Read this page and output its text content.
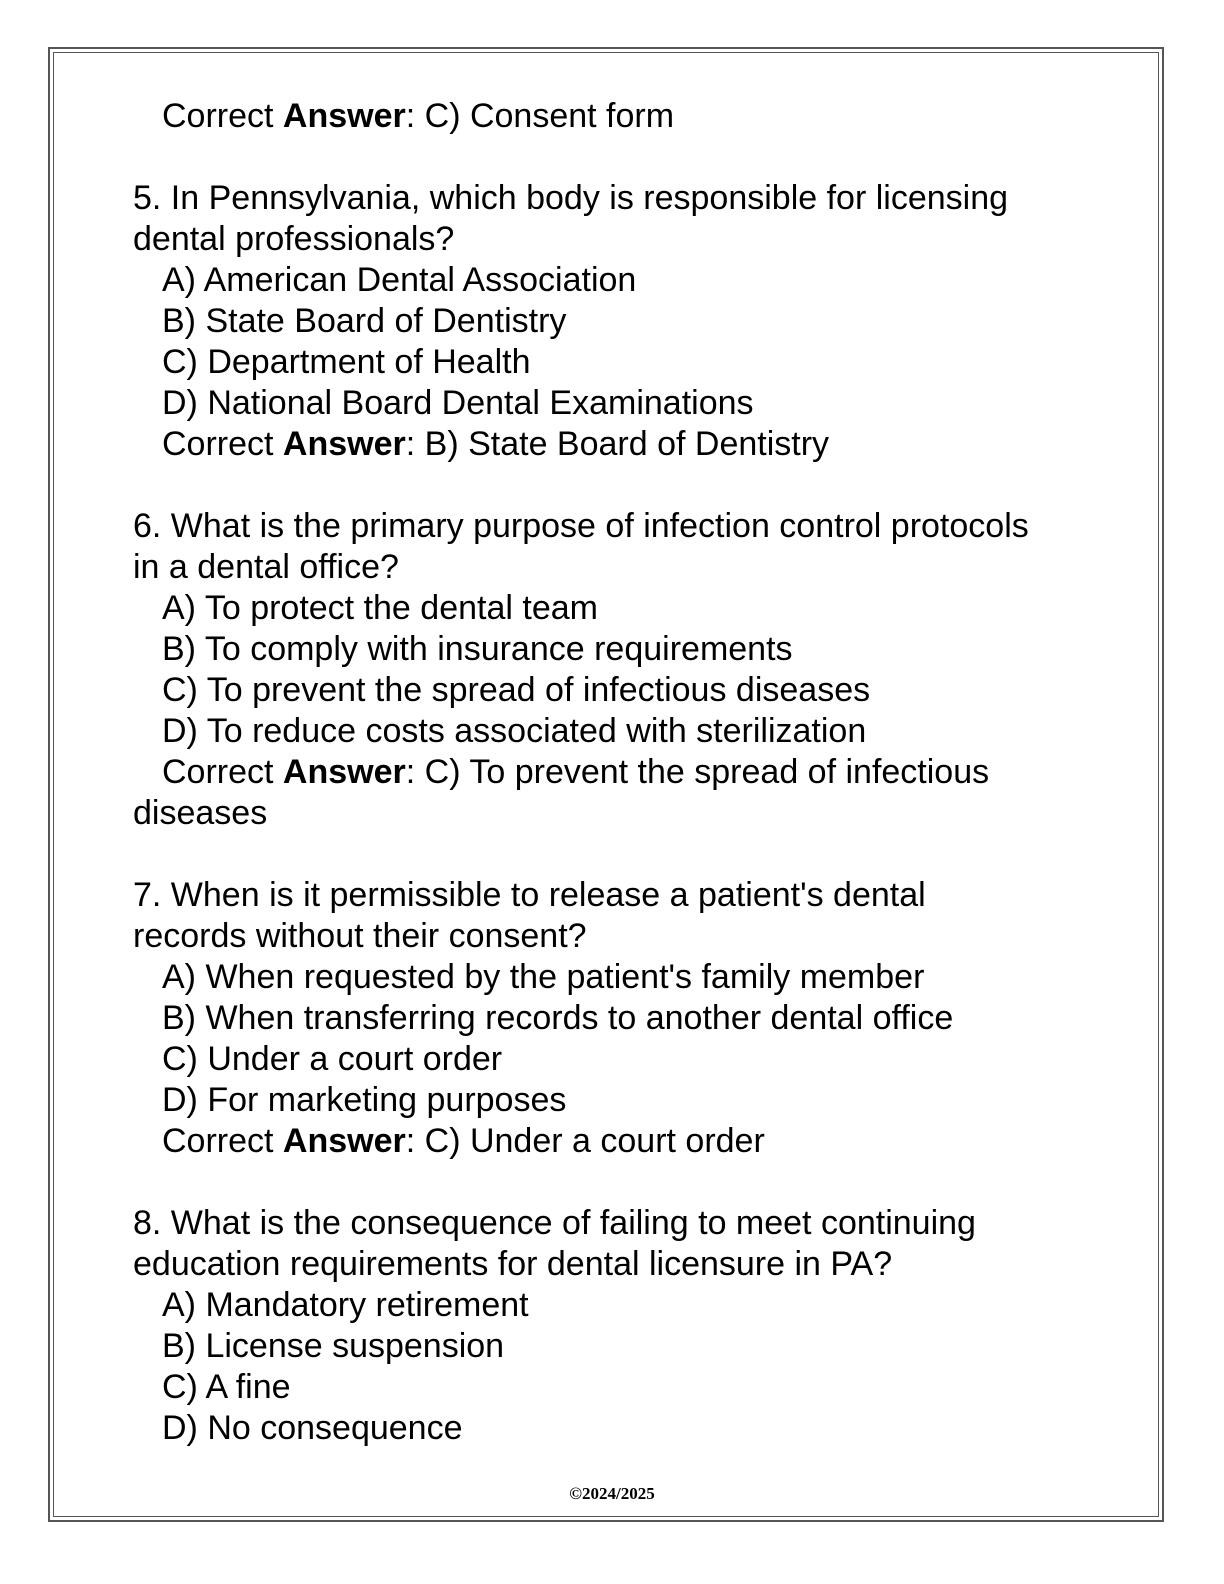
Correct Answer: C) Consent form
5. In Pennsylvania, which body is responsible for licensing
dental professionals?
A) American Dental Association
B) State Board of Dentistry
C) Department of Health
D) National Board Dental Examinations
Correct Answer: B) State Board of Dentistry
6. What is the primary purpose of infection control protocols
in a dental office?
A) To protect the dental team
B) To comply with insurance requirements
C) To prevent the spread of infectious diseases
D) To reduce costs associated with sterilization
Correct Answer: C) To prevent the spread of infectious
diseases
7. When is it permissible to release a patient's dental
records without their consent?
A) When requested by the patient's family member
B) When transferring records to another dental office
C) Under a court order
D) For marketing purposes
Correct Answer: C) Under a court order
8. What is the consequence of failing to meet continuing
education requirements for dental licensure in PA?
A) Mandatory retirement
B) License suspension
C) A fine
D) No consequence
©2024/2025
